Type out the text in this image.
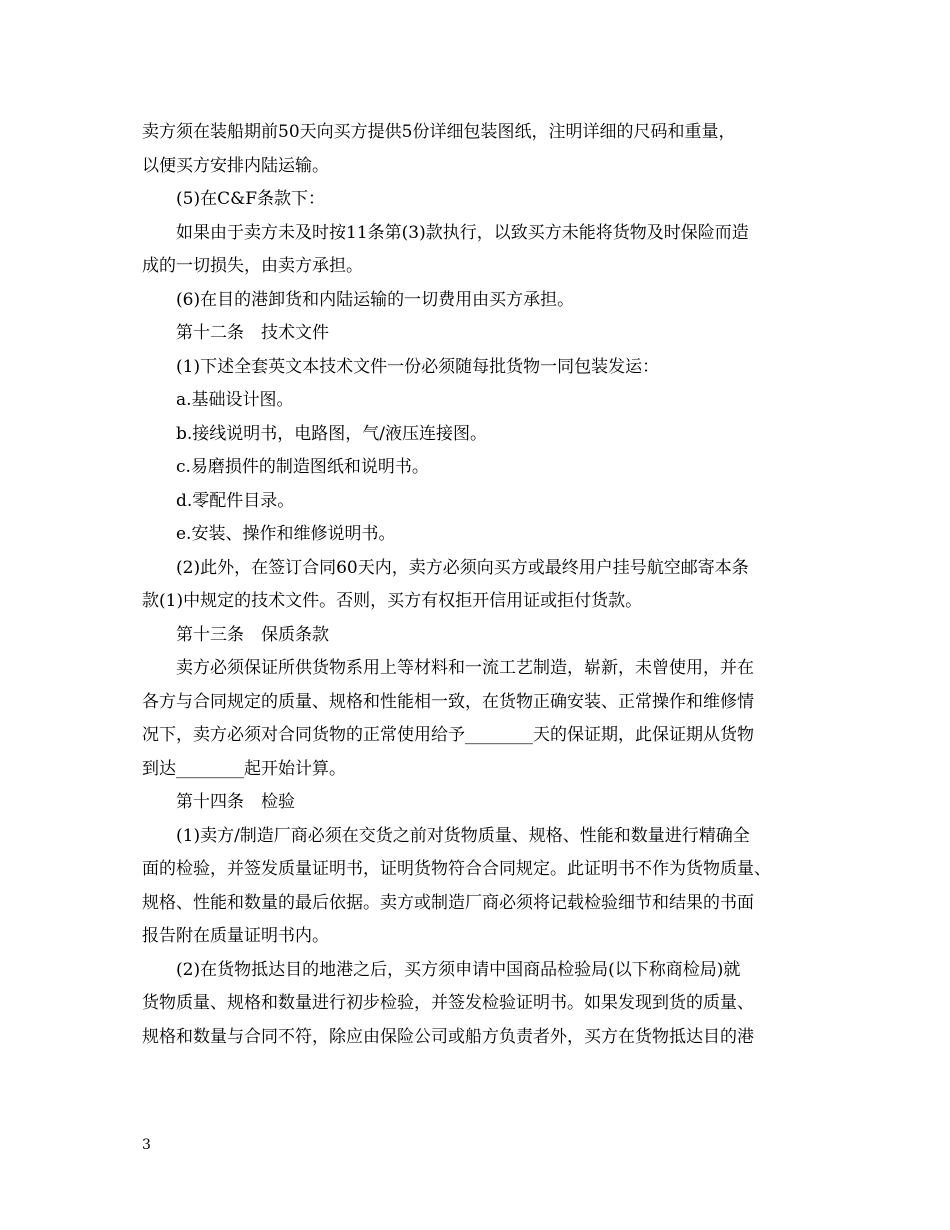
卖方须在装船期前50天向买方提供5份详细包装图纸，注明详细的尺码和重量，
以便买方安排内陆运输。
(5)在C&F条款下：
如果由于卖方未及时按11条第(3)款执行，以致买方未能将货物及时保险而造
成的一切损失，由卖方承担。
(6)在目的港卸货和内陆运输的一切费用由买方承担。
第十二条　技术文件
(1)下述全套英文本技术文件一份必须随每批货物一同包装发运：
a.基础设计图。
b.接线说明书，电路图，气/液压连接图。
c.易磨损件的制造图纸和说明书。
d.零配件目录。
e.安装、操作和维修说明书。
(2)此外，在签订合同60天内，卖方必须向买方或最终用户挂号航空邮寄本条
款(1)中规定的技术文件。否则，买方有权拒开信用证或拒付货款。
第十三条　保质条款
卖方必须保证所供货物系用上等材料和一流工艺制造，崭新，未曾使用，并在
各方与合同规定的质量、规格和性能相一致，在货物正确安装、正常操作和维修情
况下，卖方必须对合同货物的正常使用给予________天的保证期，此保证期从货物
到达________起开始计算。
第十四条　检验
(1)卖方/制造厂商必须在交货之前对货物质量、规格、性能和数量进行精确全
面的检验，并签发质量证明书，证明货物符合合同规定。此证明书不作为货物质量、
规格、性能和数量的最后依据。卖方或制造厂商必须将记载检验细节和结果的书面
报告附在质量证明书内。
(2)在货物抵达目的地港之后，买方须申请中国商品检验局(以下称商检局)就
货物质量、规格和数量进行初步检验，并签发检验证明书。如果发现到货的质量、
规格和数量与合同不符，除应由保险公司或船方负责者外，买方在货物抵达目的港
3
